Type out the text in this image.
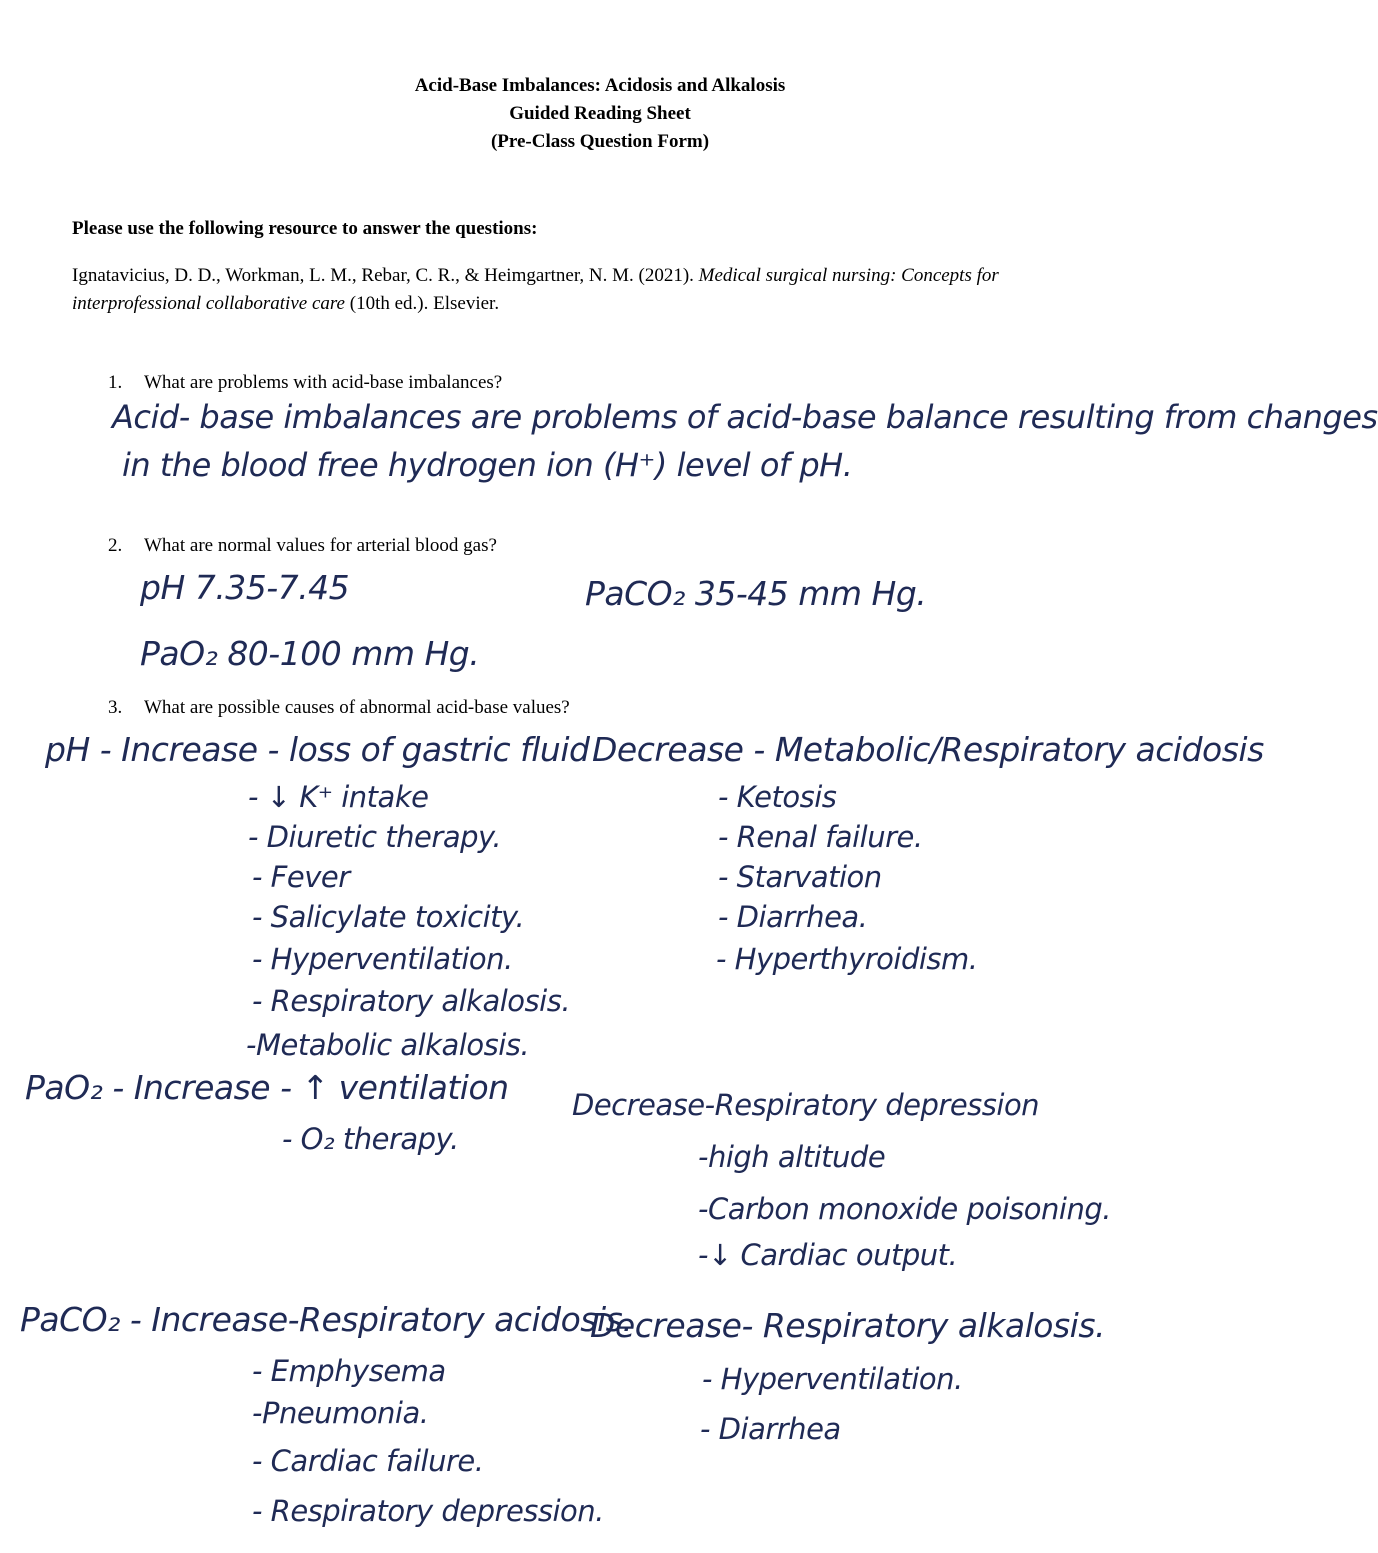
Acid-Base Imbalances: Acidosis and Alkalosis
Guided Reading Sheet
(Pre-Class Question Form)
Please use the following resource to answer the questions:
Ignatavicius, D. D., Workman, L. M., Rebar, C. R., & Heimgartner, N. M. (2021). Medical surgical nursing: Concepts for interprofessional collaborative care (10th ed.). Elsevier.
1. What are problems with acid-base imbalances?
Acid- base imbalances are problems of acid-base balance resulting from changes
in the blood free hydrogen ion (H⁺) level of pH.
2. What are normal values for arterial blood gas?
pH 7.35-7.45	PaCO₂ 35-45 mm Hg.
PaO₂ 80-100 mm Hg.
3. What are possible causes of abnormal acid-base values?
pH - Increase - loss of gastric fluid
- ↓ K⁺ intake
- Diuretic therapy.
- Fever
- Salicylate toxicity.
- Hyperventilation.
- Respiratory alkalosis.
-Metabolic alkalosis.
Decrease - Metabolic/Respiratory acidosis
- Ketosis
- Renal failure.
- Starvation
- Diarrhea.
- Hyperthyroidism.
PaO₂ - Increase - ↑ ventilation
- O₂ therapy.
Decrease-Respiratory depression
-high altitude
-Carbon monoxide poisoning.
-↓ Cardiac output.
PaCO₂ - Increase-Respiratory acidosis.
- Emphysema
-Pneumonia.
- Cardiac failure.
- Respiratory depression.
Decrease- Respiratory alkalosis.
- Hyperventilation.
- Diarrhea
